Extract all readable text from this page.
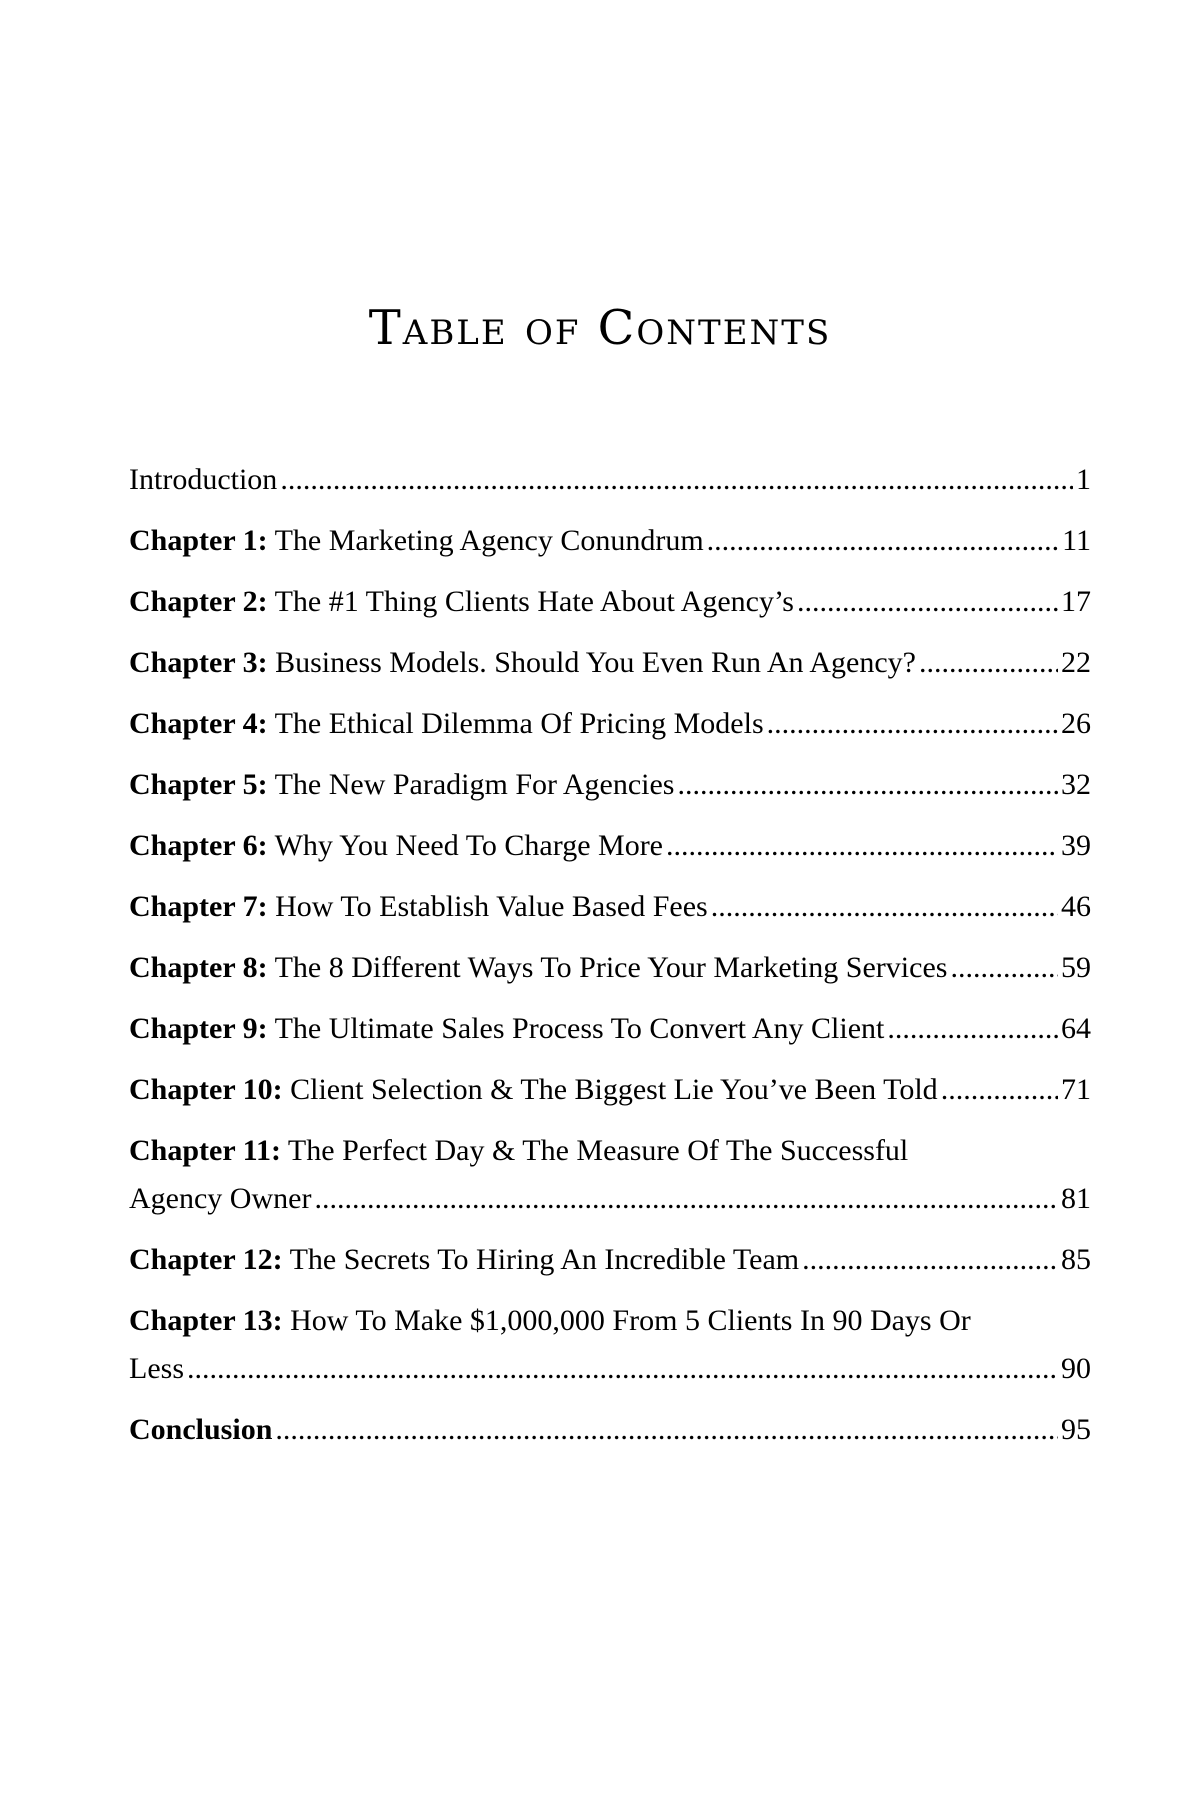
Table of Contents
Introduction .....	1
Chapter 1: The Marketing Agency Conundrum .....	11
Chapter 2: The #1 Thing Clients Hate About Agency’s .....	17
Chapter 3: Business Models. Should You Even Run An Agency? .....	22
Chapter 4: The Ethical Dilemma Of Pricing Models .....	26
Chapter 5: The New Paradigm For Agencies .....	32
Chapter 6: Why You Need To Charge More .....	39
Chapter 7: How To Establish Value Based Fees .....	46
Chapter 8: The 8 Different Ways To Price Your Marketing Services .....	59
Chapter 9: The Ultimate Sales Process To Convert Any Client .....	64
Chapter 10: Client Selection & The Biggest Lie You’ve Been Told .....	71
Chapter 11: The Perfect Day & The Measure Of The Successful
Agency Owner .....	81
Chapter 12: The Secrets To Hiring An Incredible Team .....	85
Chapter 13: How To Make $1,000,000 From 5 Clients In 90 Days Or
Less .....	90
Conclusion .....	95
